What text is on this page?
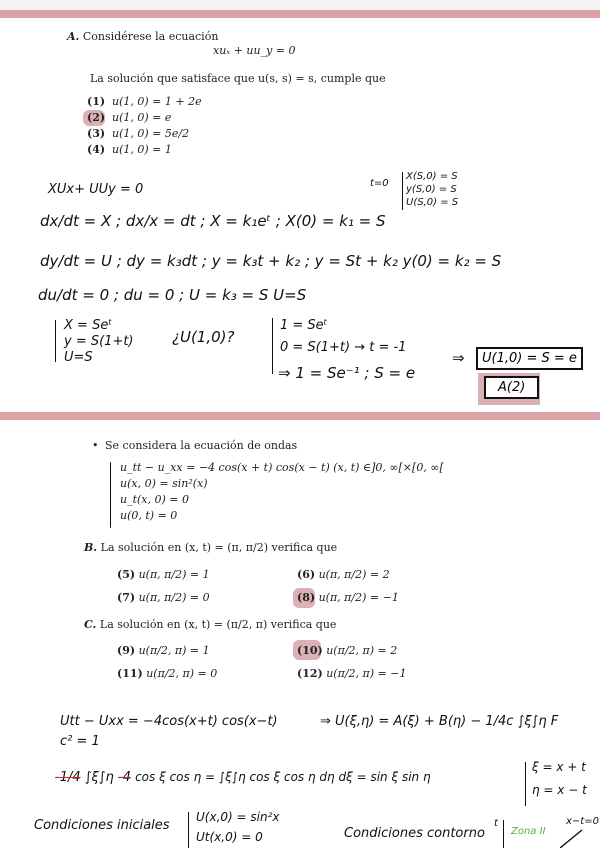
A. Considérese la ecuación
xuₓ + uu_y = 0
La solución que satisface que u(s, s) = s, cumple que
(1) u(1, 0) = 1 + 2e
(2) u(1, 0) = e
(3) u(1, 0) = 5e/2
(4) u(1, 0) = 1
XUx+ UUy = 0	t=0
X(S,0) = S
y(S,0) = S
U(S,0) = S
dx/dt = X ; dx/x = dt ; X = k₁eᵗ ; X(0) = k₁ = S
dy/dt = U ; dy = k₃dt ; y = k₃t + k₂ ; y = St + k₂ y(0) = k₂ = S
du/dt = 0 ; du = 0 ; U = k₃ = S U=S
X = Seᵗ
y = S(1+t)
U=S
¿U(1,0)?
1 = Seᵗ
0 = S(1+t) → t = -1
⇒ 1 = Se⁻¹ ; S = e
⇒	U(1,0) = S = e
A(2)
• Se considera la ecuación de ondas
u_tt − u_xx = −4 cos(x + t) cos(x − t) (x, t) ∈]0, ∞[×[0, ∞[
u(x, 0) = sin²(x)
u_t(x, 0) = 0
u(0, t) = 0
B. La solución en (x, t) = (π, π/2) verifica que
(5) u(π, π/2) = 1	(6) u(π, π/2) = 2
(7) u(π, π/2) = 0	(8) u(π, π/2) = −1
C. La solución en (x, t) = (π/2, π) verifica que
(9) u(π/2, π) = 1	(10) u(π/2, π) = 2
(11) u(π/2, π) = 0	(12) u(π/2, π) = −1
Utt − Uxx = −4cos(x+t) cos(x−t)	⇒ U(ξ,η) = A(ξ) + B(η) − 1/4c ∫ξ∫η F
c² = 1
-1/4 ∫ξ∫η -4 cos ξ cos η = ∫ξ∫η cos ξ cos η dη dξ = sin ξ sin η
ξ = x + t
η = x − t
Condiciones iniciales
U(x,0) = sin²x
Ut(x,0) = 0	Condiciones contorno
t
Zona II
x−t=0
